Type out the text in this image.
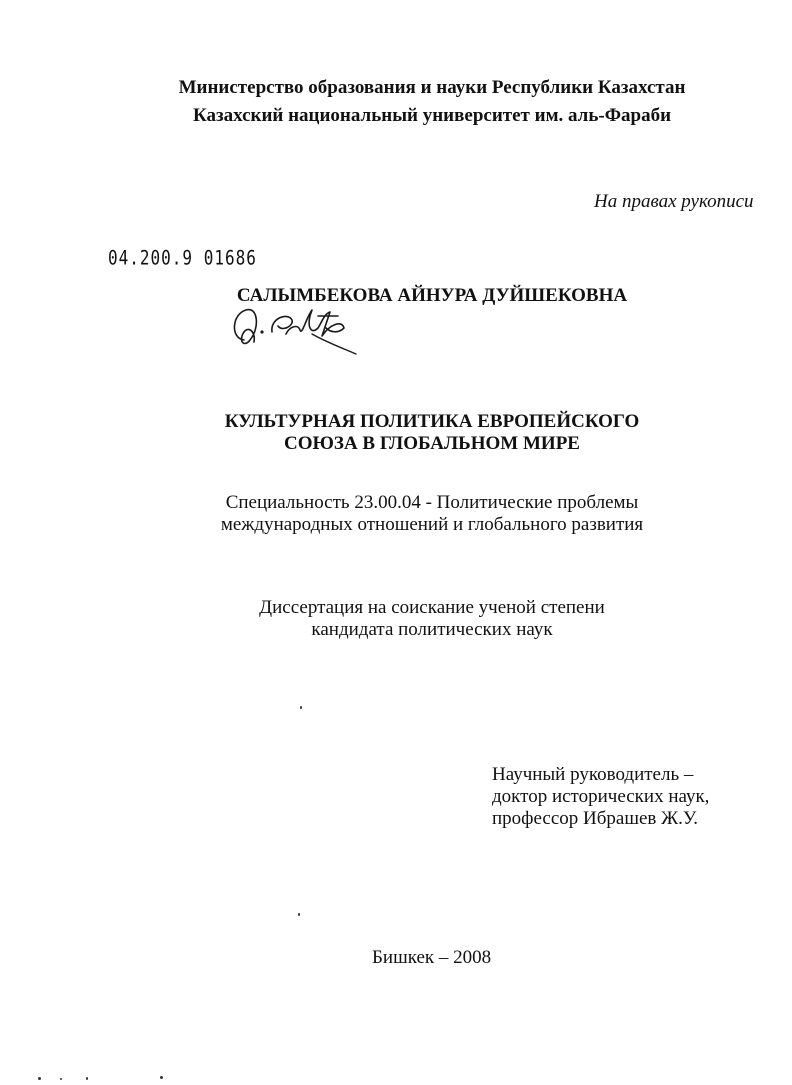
Министерство образования и науки Республики Казахстан
Казахский национальный университет им. аль-Фараби
На правах рукописи
04.200.9 01686
САЛЫМБЕКОВА АЙНУРА ДУЙШЕКОВНА
КУЛЬТУРНАЯ ПОЛИТИКА ЕВРОПЕЙСКОГО
СОЮЗА В ГЛОБАЛЬНОМ МИРЕ
Специальность 23.00.04 - Политические проблемы
международных отношений и глобального развития
Диссертация на соискание ученой степени
кандидата политических наук
Научный руководитель –
доктор исторических наук,
профессор Ибрашев Ж.У.
Бишкек – 2008
